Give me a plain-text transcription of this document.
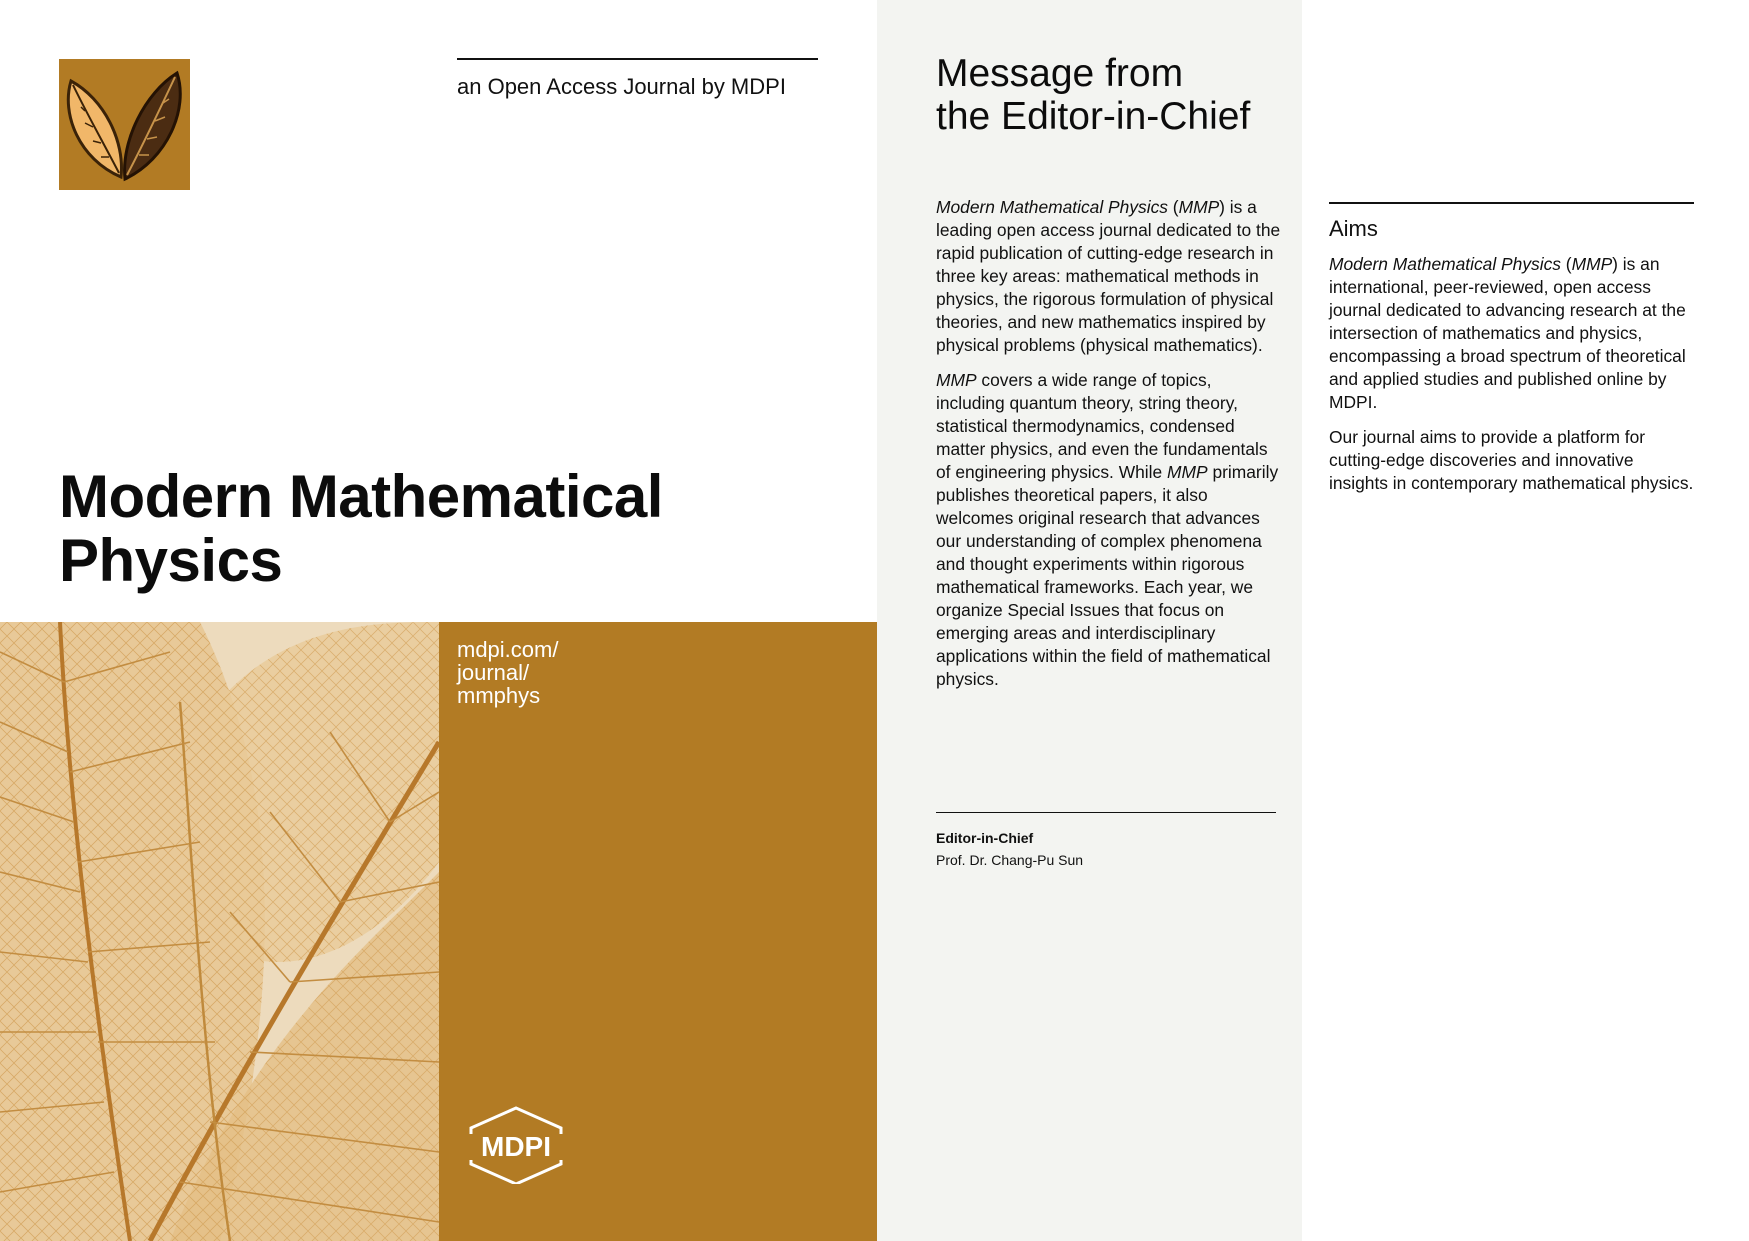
an Open Access Journal by MDPI

Modern Mathematical
Physics

mdpi.com/
journal/
mmphys

MDPI
Message from
the Editor-in-Chief

Modern Mathematical Physics (MMP) is a leading open access journal dedicated to the rapid publication of cutting-edge research in three key areas: mathematical methods in physics, the rigorous formulation of physical theories, and new mathematics inspired by physical problems (physical mathematics).

MMP covers a wide range of topics, including quantum theory, string theory, statistical thermodynamics, condensed matter physics, and even the fundamentals of engineering physics. While MMP primarily publishes theoretical papers, it also welcomes original research that advances our understanding of complex phenomena and thought experiments within rigorous mathematical frameworks. Each year, we organize Special Issues that focus on emerging areas and interdisciplinary applications within the field of mathematical physics.

Editor-in-Chief

Prof. Dr. Chang-Pu Sun

Aims

Modern Mathematical Physics (MMP) is an international, peer-reviewed, open access journal dedicated to advancing research at the intersection of mathematics and physics, encompassing a broad spectrum of theoretical and applied studies and published online by MDPI.

Our journal aims to provide a platform for cutting-edge discoveries and innovative insights in contemporary mathematical physics.
